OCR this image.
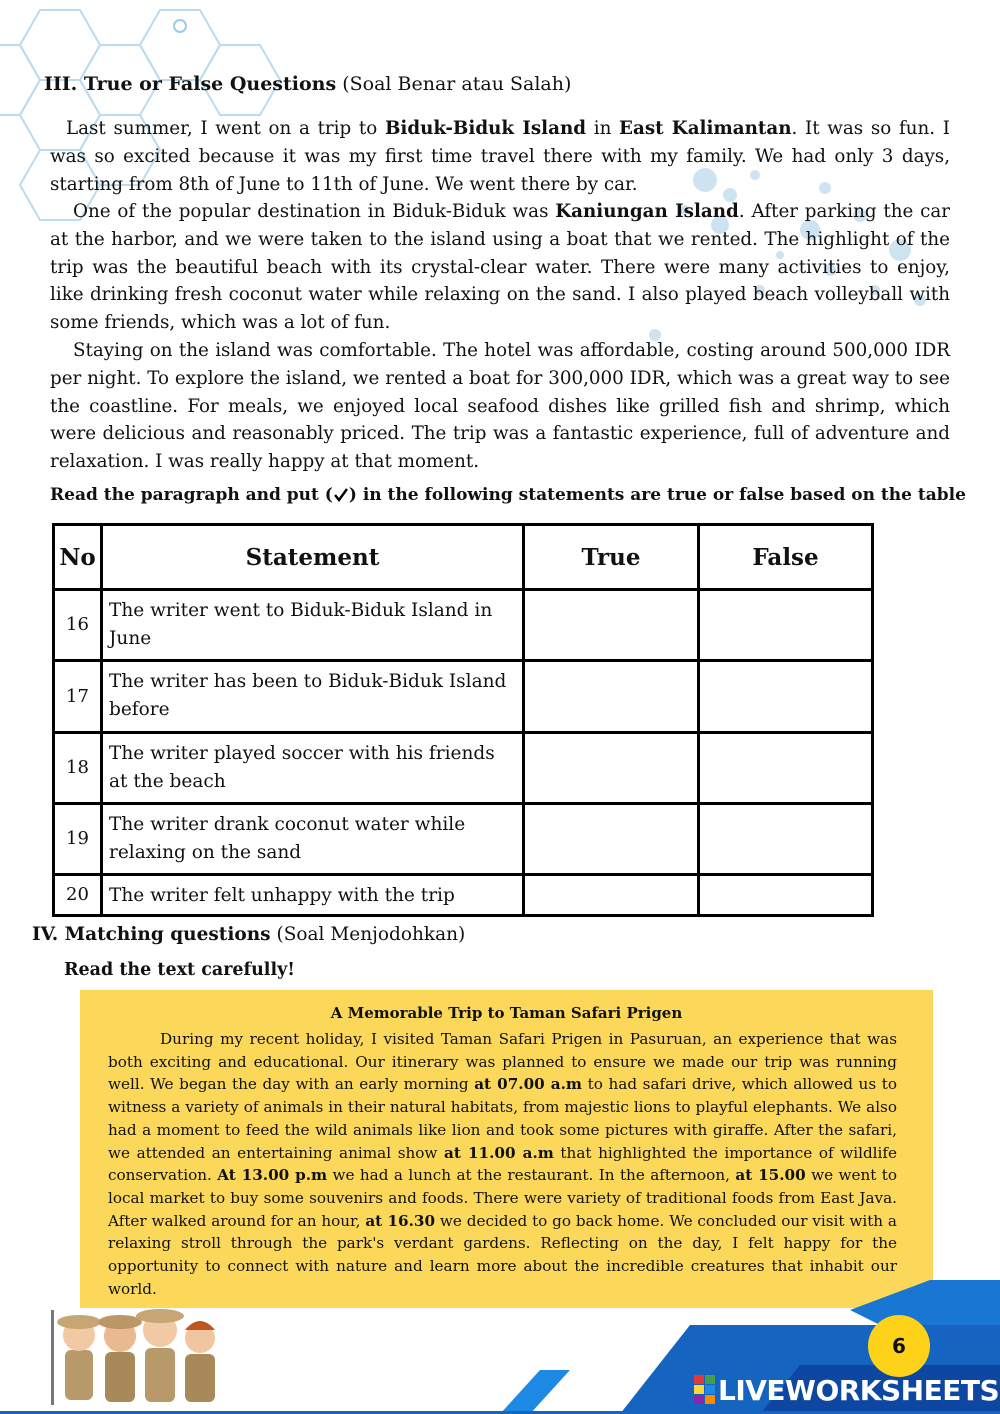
III. True or False Questions (Soal Benar atau Salah)

Last summer, I went on a trip to Biduk-Biduk Island in East Kalimantan. It was so fun. I was so excited because it was my first time travel there with my family. We had only 3 days, starting from 8th of June to 11th of June. We went there by car.

One of the popular destination in Biduk-Biduk was Kaniungan Island. After parking the car at the harbor, and we were taken to the island using a boat that we rented. The highlight of the trip was the beautiful beach with its crystal-clear water. There were many activities to enjoy, like drinking fresh coconut water while relaxing on the sand. I also played beach volleyball with some friends, which was a lot of fun.

Staying on the island was comfortable. The hotel was affordable, costing around 500,000 IDR per night. To explore the island, we rented a boat for 300,000 IDR, which was a great way to see the coastline. For meals, we enjoyed local seafood dishes like grilled fish and shrimp, which were delicious and reasonably priced. The trip was a fantastic experience, full of adventure and relaxation. I was really happy at that moment.

Read the paragraph and put ( ) in the following statements are true or false based on the table

No	Statement	True	False
16	The writer went to Biduk-Biduk Island in June		
17	The writer has been to Biduk-Biduk Island before		
18	The writer played soccer with his friends at the beach		
19	The writer drank coconut water while relaxing on the sand		
20	The writer felt unhappy with the trip		

IV. Matching questions (Soal Menjodohkan)

Read the text carefully!

A Memorable Trip to Taman Safari Prigen

During my recent holiday, I visited Taman Safari Prigen in Pasuruan, an experience that was both exciting and educational. Our itinerary was planned to ensure we made our trip was running well. We began the day with an early morning at 07.00 a.m to had safari drive, which allowed us to witness a variety of animals in their natural habitats, from majestic lions to playful elephants. We also had a moment to feed the wild animals like lion and took some pictures with giraffe. After the safari, we attended an entertaining animal show at 11.00 a.m that highlighted the importance of wildlife conservation. At 13.00 p.m we had a lunch at the restaurant. In the afternoon, at 15.00 we went to local market to buy some souvenirs and foods. There were variety of traditional foods from East Java. After walked around for an hour, at 16.30 we decided to go back home. We concluded our visit with a relaxing stroll through the park's verdant gardens. Reflecting on the day, I felt happy for the opportunity to connect with nature and learn more about the incredible creatures that inhabit our world.

6
LIVEWORKSHEETS
